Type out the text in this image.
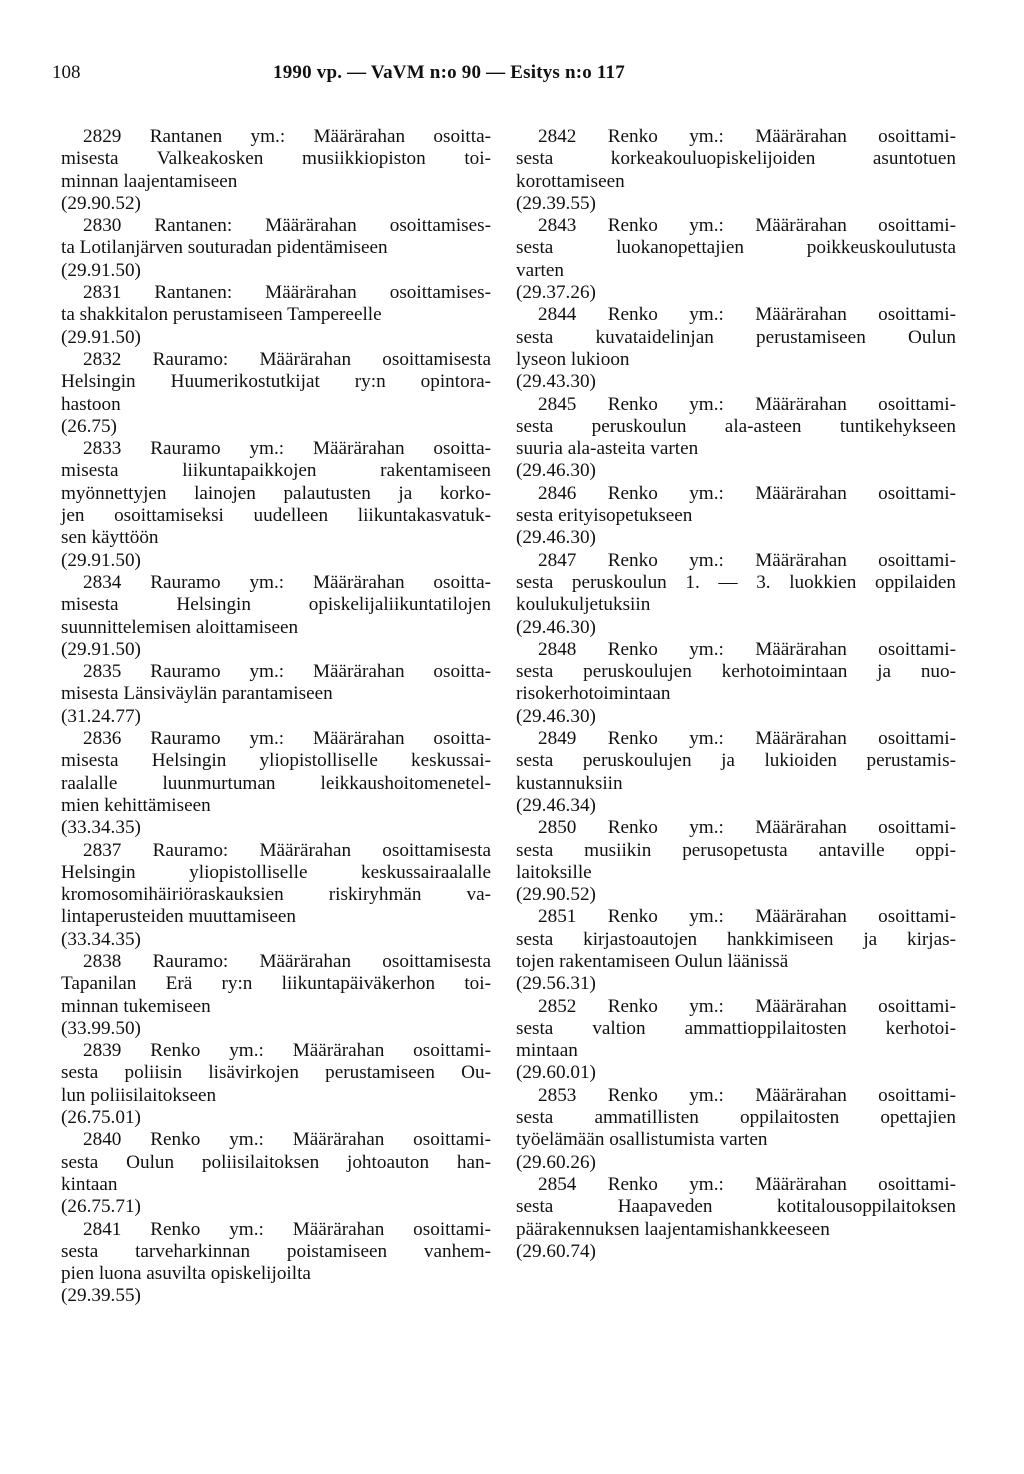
108	1990 vp. — VaVM n:o 90 — Esitys n:o 117
2829 Rantanen ym.: Määrärahan osoitta-
misesta Valkeakosken musiikkiopiston toi-
minnan laajentamiseen
(29.90.52)
2830 Rantanen: Määrärahan osoittamises-
ta Lotilanjärven souturadan pidentämiseen
(29.91.50)
2831 Rantanen: Määrärahan osoittamises-
ta shakkitalon perustamiseen Tampereelle
(29.91.50)
2832 Rauramo: Määrärahan osoittamisesta
Helsingin Huumerikostutkijat ry:n opintora-
hastoon
(26.75)
2833 Rauramo ym.: Määrärahan osoitta-
misesta liikuntapaikkojen rakentamiseen
myönnettyjen lainojen palautusten ja korko-
jen osoittamiseksi uudelleen liikuntakasvatuk-
sen käyttöön
(29.91.50)
2834 Rauramo ym.: Määrärahan osoitta-
misesta Helsingin opiskelijaliikuntatilojen
suunnittelemisen aloittamiseen
(29.91.50)
2835 Rauramo ym.: Määrärahan osoitta-
misesta Länsiväylän parantamiseen
(31.24.77)
2836 Rauramo ym.: Määrärahan osoitta-
misesta Helsingin yliopistolliselle keskussai-
raalalle luunmurtuman leikkaushoitomenetel-
mien kehittämiseen
(33.34.35)
2837 Rauramo: Määrärahan osoittamisesta
Helsingin yliopistolliselle keskussairaalalle
kromosomihäiriöraskauksien riskiryhmän va-
lintaperusteiden muuttamiseen
(33.34.35)
2838 Rauramo: Määrärahan osoittamisesta
Tapanilan Erä ry:n liikuntapäiväkerhon toi-
minnan tukemiseen
(33.99.50)
2839 Renko ym.: Määrärahan osoittami-
sesta poliisin lisävirkojen perustamiseen Ou-
lun poliisilaitokseen
(26.75.01)
2840 Renko ym.: Määrärahan osoittami-
sesta Oulun poliisilaitoksen johtoauton han-
kintaan
(26.75.71)
2841 Renko ym.: Määrärahan osoittami-
sesta tarveharkinnan poistamiseen vanhem-
pien luona asuvilta opiskelijoilta
(29.39.55)
2842 Renko ym.: Määrärahan osoittami-
sesta korkeakouluopiskelijoiden asuntotuen
korottamiseen
(29.39.55)
2843 Renko ym.: Määrärahan osoittami-
sesta luokanopettajien poikkeuskoulutusta
varten
(29.37.26)
2844 Renko ym.: Määrärahan osoittami-
sesta kuvataidelinjan perustamiseen Oulun
lyseon lukioon
(29.43.30)
2845 Renko ym.: Määrärahan osoittami-
sesta peruskoulun ala-asteen tuntikehykseen
suuria ala-asteita varten
(29.46.30)
2846 Renko ym.: Määrärahan osoittami-
sesta erityisopetukseen
(29.46.30)
2847 Renko ym.: Määrärahan osoittami-
sesta peruskoulun 1. — 3. luokkien oppilaiden
koulukuljetuksiin
(29.46.30)
2848 Renko ym.: Määrärahan osoittami-
sesta peruskoulujen kerhotoimintaan ja nuo-
risokerhotoimintaan
(29.46.30)
2849 Renko ym.: Määrärahan osoittami-
sesta peruskoulujen ja lukioiden perustamis-
kustannuksiin
(29.46.34)
2850 Renko ym.: Määrärahan osoittami-
sesta musiikin perusopetusta antaville oppi-
laitoksille
(29.90.52)
2851 Renko ym.: Määrärahan osoittami-
sesta kirjastoautojen hankkimiseen ja kirjas-
tojen rakentamiseen Oulun läänissä
(29.56.31)
2852 Renko ym.: Määrärahan osoittami-
sesta valtion ammattioppilaitosten kerhotoi-
mintaan
(29.60.01)
2853 Renko ym.: Määrärahan osoittami-
sesta ammatillisten oppilaitosten opettajien
työelämään osallistumista varten
(29.60.26)
2854 Renko ym.: Määrärahan osoittami-
sesta Haapaveden kotitalousoppilaitoksen
päärakennuksen laajentamishankkeeseen
(29.60.74)
